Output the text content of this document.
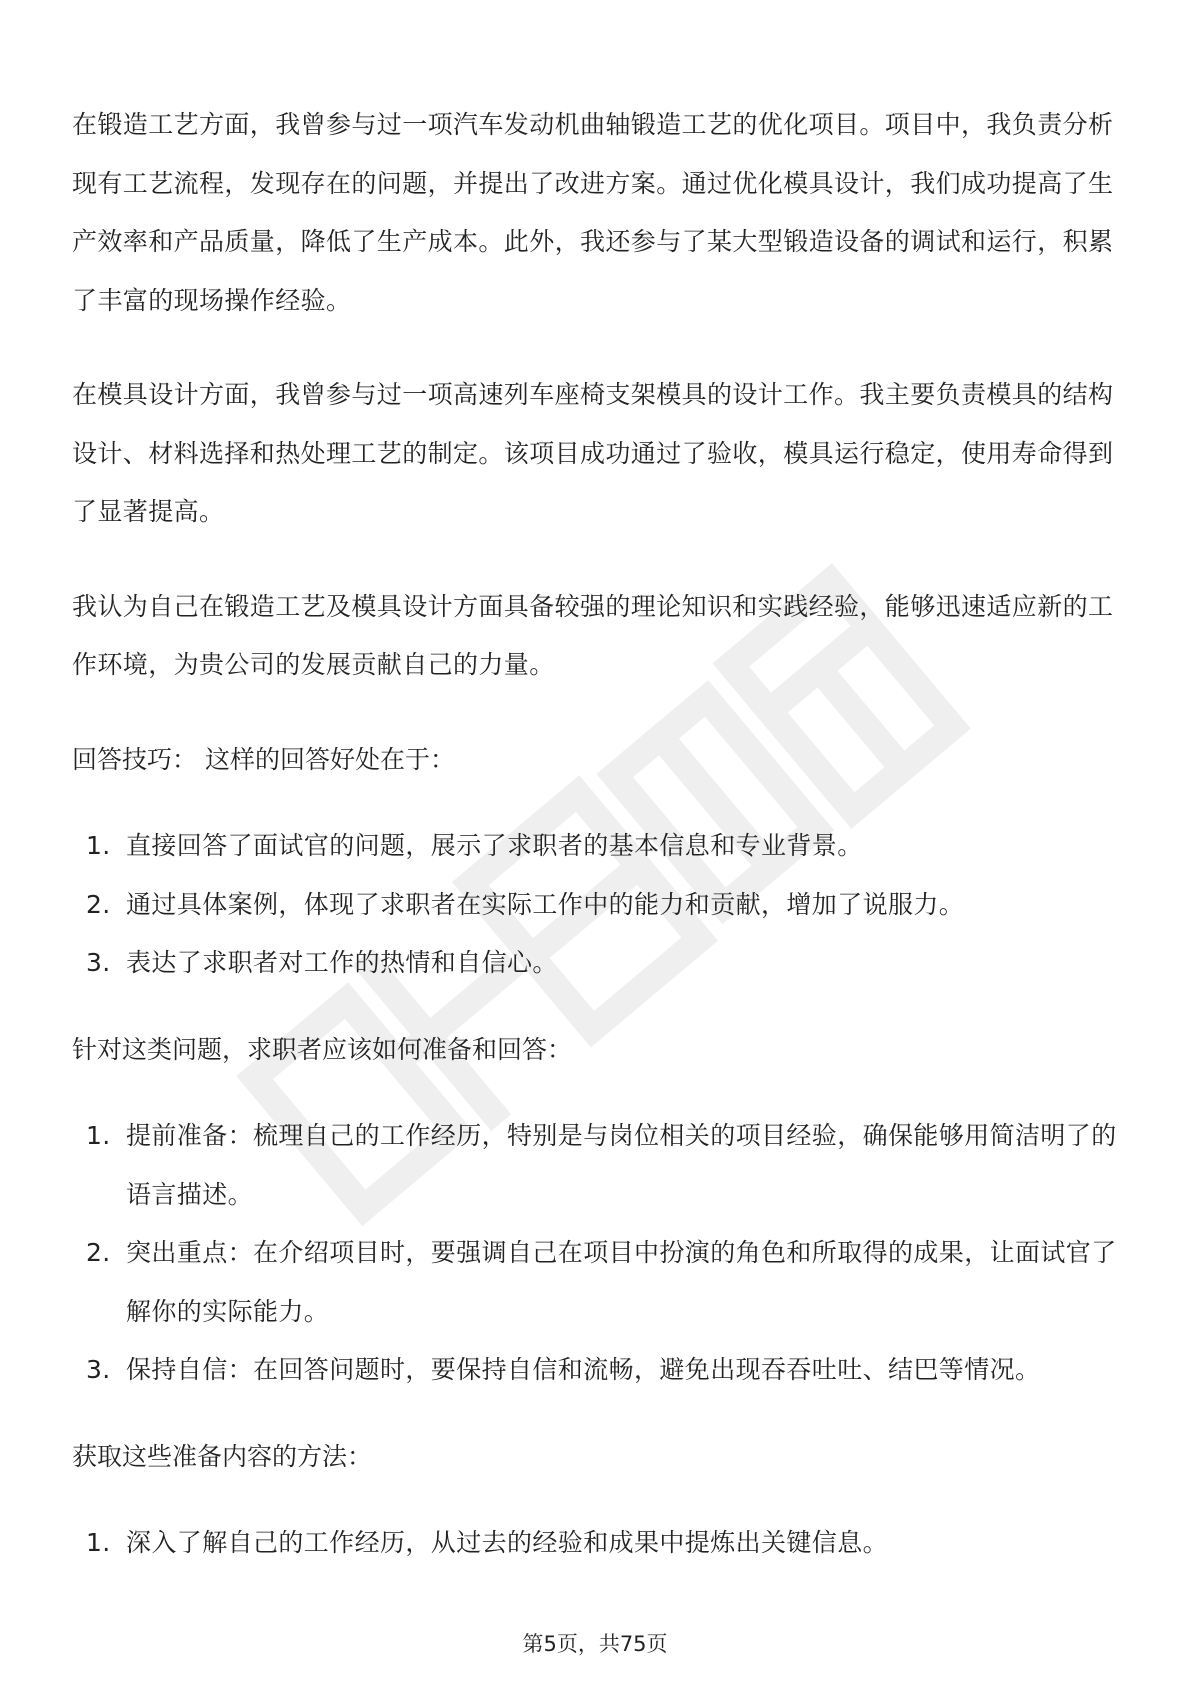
在锻造工艺方面，我曾参与过一项汽车发动机曲轴锻造工艺的优化项目。项目中，我负责分析现有工艺流程，发现存在的问题，并提出了改进方案。通过优化模具设计，我们成功提高了生产效率和产品质量，降低了生产成本。此外，我还参与了某大型锻造设备的调试和运行，积累了丰富的现场操作经验。

在模具设计方面，我曾参与过一项高速列车座椅支架模具的设计工作。我主要负责模具的结构设计、材料选择和热处理工艺的制定。该项目成功通过了验收，模具运行稳定，使用寿命得到了显著提高。

我认为自己在锻造工艺及模具设计方面具备较强的理论知识和实践经验，能够迅速适应新的工作环境，为贵公司的发展贡献自己的力量。

回答技巧： 这样的回答好处在于：

1. 直接回答了面试官的问题，展示了求职者的基本信息和专业背景。
2. 通过具体案例，体现了求职者在实际工作中的能力和贡献，增加了说服力。
3. 表达了求职者对工作的热情和自信心。

针对这类问题，求职者应该如何准备和回答：

1. 提前准备：梳理自己的工作经历，特别是与岗位相关的项目经验，确保能够用简洁明了的语言描述。
2. 突出重点：在介绍项目时，要强调自己在项目中扮演的角色和所取得的成果，让面试官了解你的实际能力。
3. 保持自信：在回答问题时，要保持自信和流畅，避免出现吞吞吐吐、结巴等情况。

获取这些准备内容的方法：

1. 深入了解自己的工作经历，从过去的经验和成果中提炼出关键信息。
第5页，共75页
